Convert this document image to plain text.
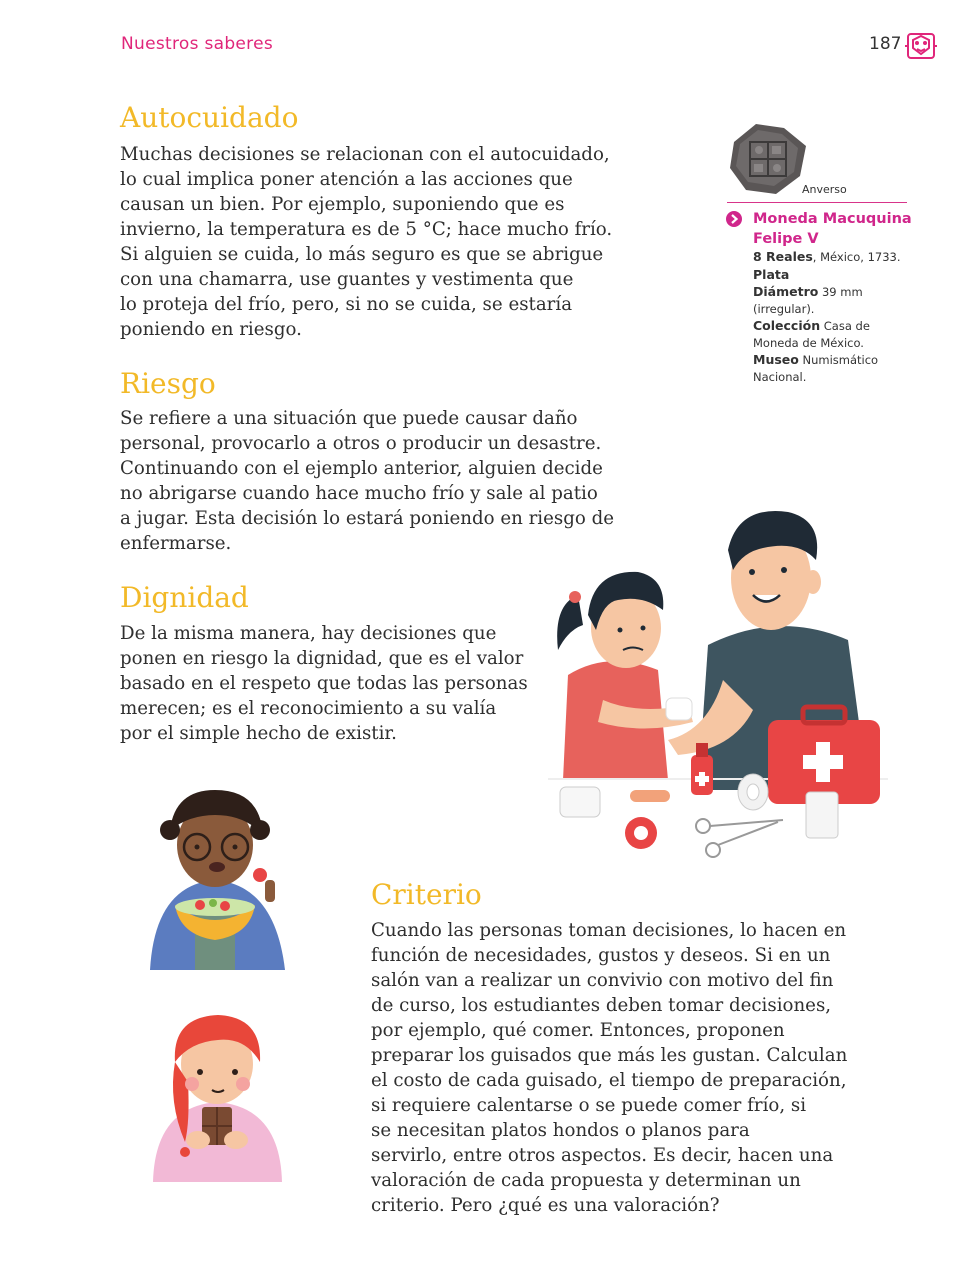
Nuestros saberes	187
Autocuidado

Muchas decisiones se relacionan con el autocuidado,
lo cual implica poner atención a las acciones que
causan un bien. Por ejemplo, suponiendo que es
invierno, la temperatura es de 5 °C; hace mucho frío.
Si alguien se cuida, lo más seguro es que se abrigue
con una chamarra, use guantes y vestimenta que
lo proteja del frío, pero, si no se cuida, se estaría
poniendo en riesgo.

Anverso
Moneda Macuquina Felipe V
8 Reales, México, 1733.
Plata
Diámetro 39 mm (irregular).
Colección Casa de Moneda de México.
Museo Numismático Nacional.
Riesgo

Se refiere a una situación que puede causar daño
personal, provocarlo a otros o producir un desastre.
Continuando con el ejemplo anterior, alguien decide
no abrigarse cuando hace mucho frío y sale al patio
a jugar. Esta decisión lo estará poniendo en riesgo de
enfermarse.

Dignidad

De la misma manera, hay decisiones que
ponen en riesgo la dignidad, que es el valor
basado en el respeto que todas las personas
merecen; es el reconocimiento a su valía
por el simple hecho de existir.

Criterio

Cuando las personas toman decisiones, lo hacen en
función de necesidades, gustos y deseos. Si en un
salón van a realizar un convivio con motivo del fin
de curso, los estudiantes deben tomar decisiones,
por ejemplo, qué comer. Entonces, proponen
preparar los guisados que más les gustan. Calculan
el costo de cada guisado, el tiempo de preparación,
si requiere calentarse o se puede comer frío, si
se necesitan platos hondos o planos para
servirlo, entre otros aspectos. Es decir, hacen una
valoración de cada propuesta y determinan un
criterio. Pero ¿qué es una valoración?
